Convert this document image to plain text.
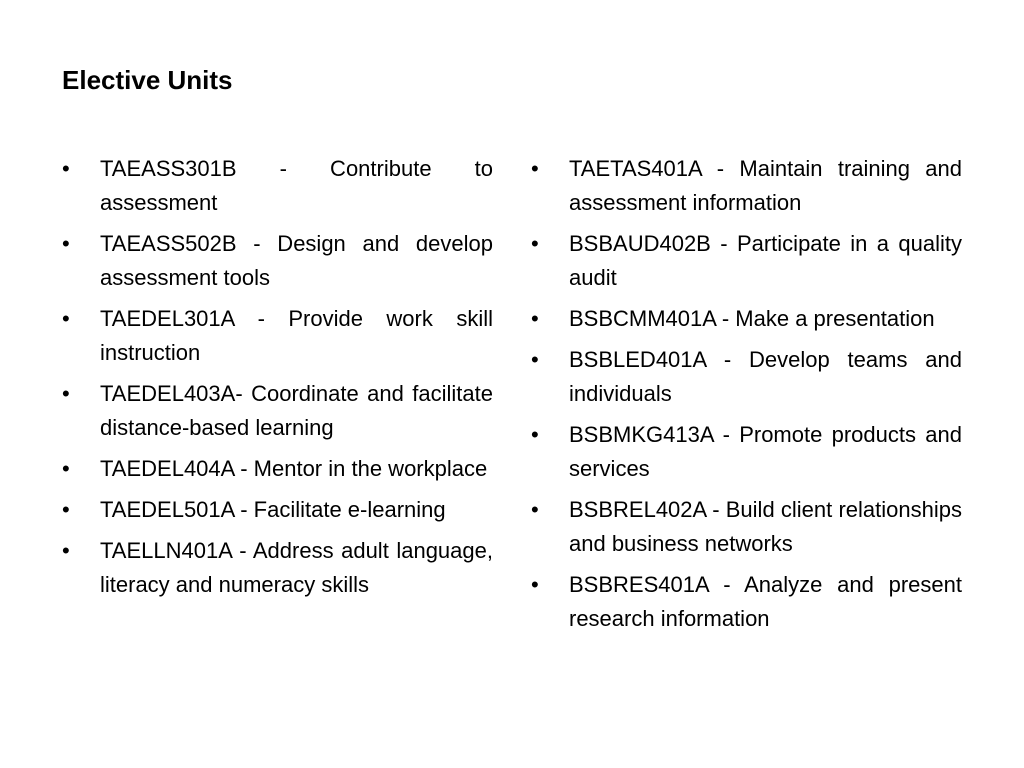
Elective Units
•	TAEASS301B - Contribute to assessment
•	TAEASS502B - Design and develop assessment tools
•	TAEDEL301A - Provide work skill instruction
•	TAEDEL403A- Coordinate and facilitate distance-based learning
•	TAEDEL404A - Mentor in the workplace
•	TAEDEL501A - Facilitate e-learning
•	TAELLN401A - Address adult language, literacy and numeracy skills
•	TAETAS401A - Maintain training and assessment information
•	BSBAUD402B - Participate in a quality audit
•	BSBCMM401A - Make a presentation
•	BSBLED401A - Develop teams and individuals
•	BSBMKG413A - Promote products and services
•	BSBREL402A - Build client relationships and business networks
•	BSBRES401A - Analyze and present research information
